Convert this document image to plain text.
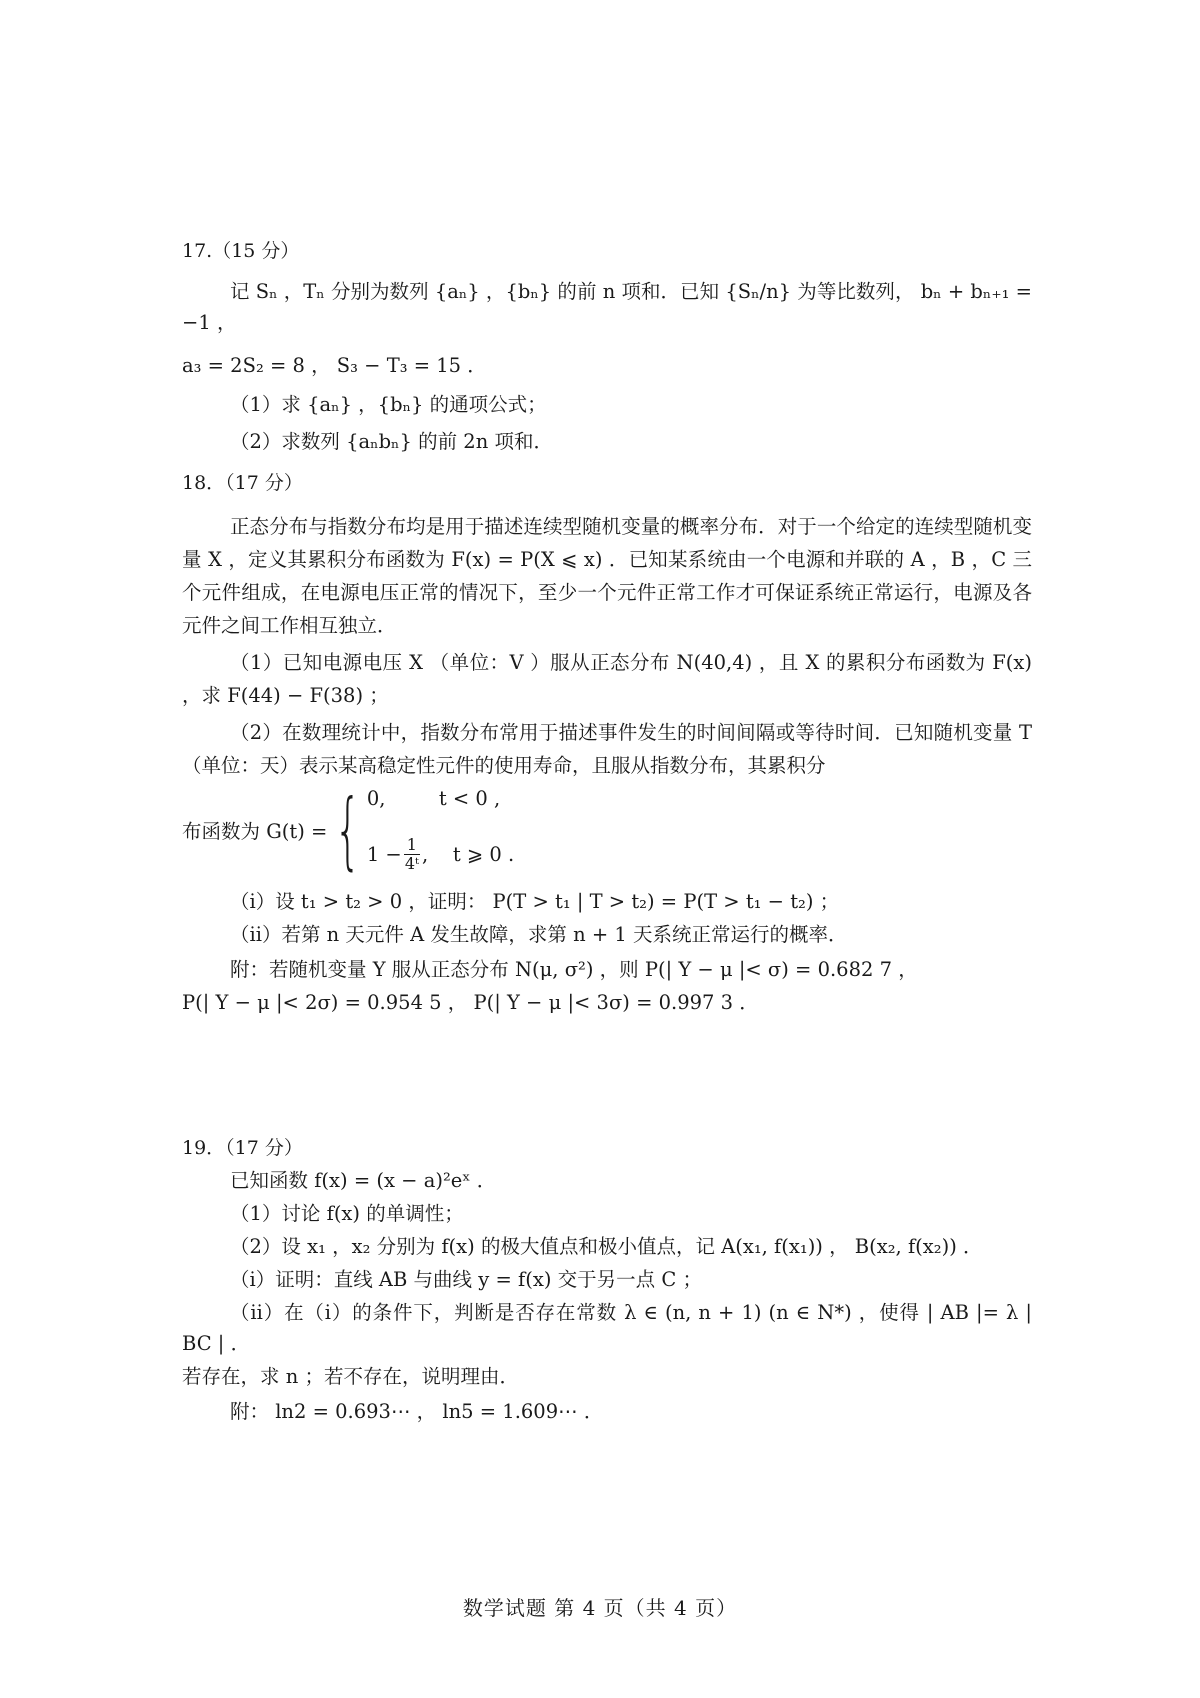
17.（15 分）

记 Sₙ ，Tₙ 分别为数列 {aₙ} ，{bₙ} 的前 n 项和．已知 {Sₙ/n} 为等比数列， bₙ + bₙ₊₁ = −1 ，

a₃ = 2S₂ = 8 ， S₃ − T₃ = 15 ．

（1）求 {aₙ} ，{bₙ} 的通项公式；

（2）求数列 {aₙbₙ} 的前 2n 项和．

18．（17 分）

正态分布与指数分布均是用于描述连续型随机变量的概率分布．对于一个给定的连续型随机变量 X ，定义其累积分布函数为 F(x) = P(X ⩽ x) ．已知某系统由一个电源和并联的 A ，B ，C 三个元件组成，在电源电压正常的情况下，至少一个元件正常工作才可保证系统正常运行，电源及各元件之间工作相互独立．

（1）已知电源电压 X （单位：V ）服从正态分布 N(40,4) ，且 X 的累积分布函数为 F(x) ，求 F(44) − F(38) ；

（2）在数理统计中，指数分布常用于描述事件发生的时间间隔或等待时间．已知随机变量 T （单位：天）表示某高稳定性元件的使用寿命，且服从指数分布，其累积分

布函数为 G(t) = { 0,	t < 0 ,
$1 - \frac{1}{\text{4ᵗ}}$ , t ⩾ 0 .

（i）设 t₁ > t₂ > 0 ，证明： P(T > t₁ | T > t₂) = P(T > t₁ − t₂) ；

（ii）若第 n 天元件 A 发生故障，求第 n + 1 天系统正常运行的概率．

附：若随机变量 Y 服从正态分布 N(μ, σ²) ，则 P(| Y − μ |< σ) = 0.682 7 ，

P(| Y − μ |< 2σ) = 0.954 5 ， P(| Y − μ |< 3σ) = 0.997 3 ．

19．（17 分）

已知函数 f(x) = (x − a)²eˣ ．

（1）讨论 f(x) 的单调性；

（2）设 x₁ ，x₂ 分别为 f(x) 的极大值点和极小值点，记 A(x₁, f(x₁)) ， B(x₂, f(x₂)) ．

（i）证明：直线 AB 与曲线 y = f(x) 交于另一点 C ；

（ii）在（i）的条件下，判断是否存在常数 λ ∈ (n, n + 1) (n ∈ N*) ，使得 | AB |= λ | BC | ．

若存在，求 n ；若不存在，说明理由．

附： ln2 = 0.693⋯ ， ln5 = 1.609⋯ ．

数学试题 第 4 页（共 4 页）
